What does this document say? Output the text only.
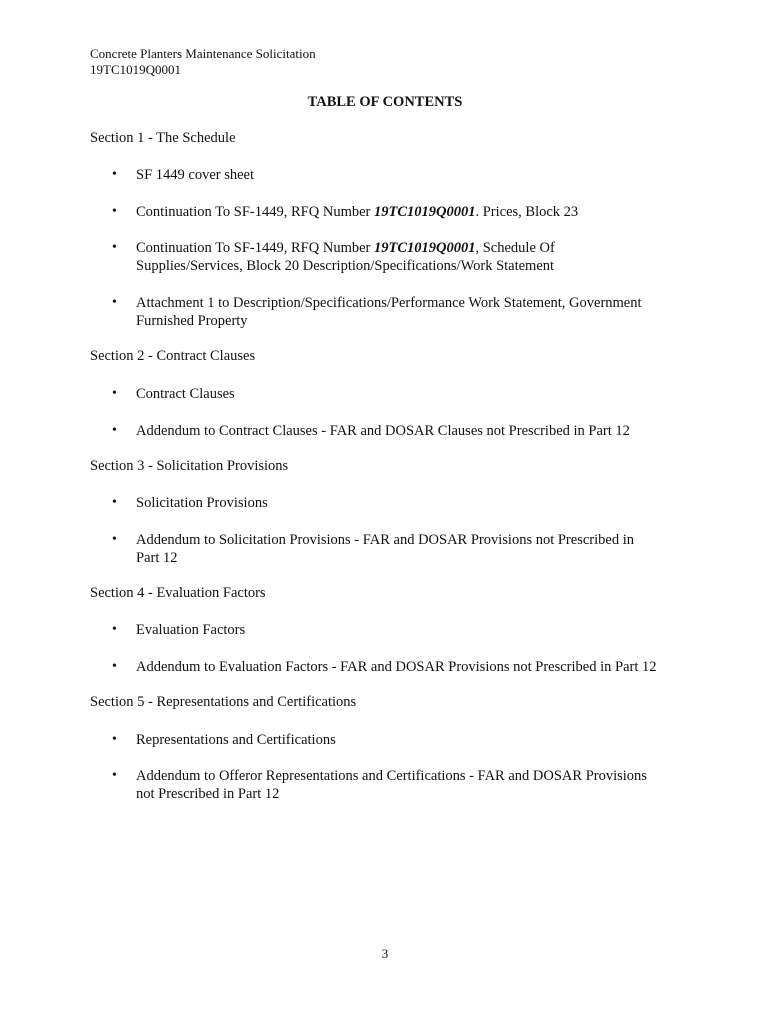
Concrete Planters Maintenance Solicitation
19TC1019Q0001
TABLE OF CONTENTS
Section 1 - The Schedule
• SF 1449 cover sheet
• Continuation To SF-1449, RFQ Number 19TC1019Q0001. Prices, Block 23
• Continuation To SF-1449, RFQ Number 19TC1019Q0001, Schedule Of
Supplies/Services, Block 20 Description/Specifications/Work Statement
• Attachment 1 to Description/Specifications/Performance Work Statement, Government
Furnished Property
Section 2 - Contract Clauses
• Contract Clauses
• Addendum to Contract Clauses - FAR and DOSAR Clauses not Prescribed in Part 12
Section 3 - Solicitation Provisions
• Solicitation Provisions
• Addendum to Solicitation Provisions - FAR and DOSAR Provisions not Prescribed in
Part 12
Section 4 - Evaluation Factors
• Evaluation Factors
• Addendum to Evaluation Factors - FAR and DOSAR Provisions not Prescribed in Part 12
Section 5 - Representations and Certifications
• Representations and Certifications
• Addendum to Offeror Representations and Certifications - FAR and DOSAR Provisions
not Prescribed in Part 12
3
